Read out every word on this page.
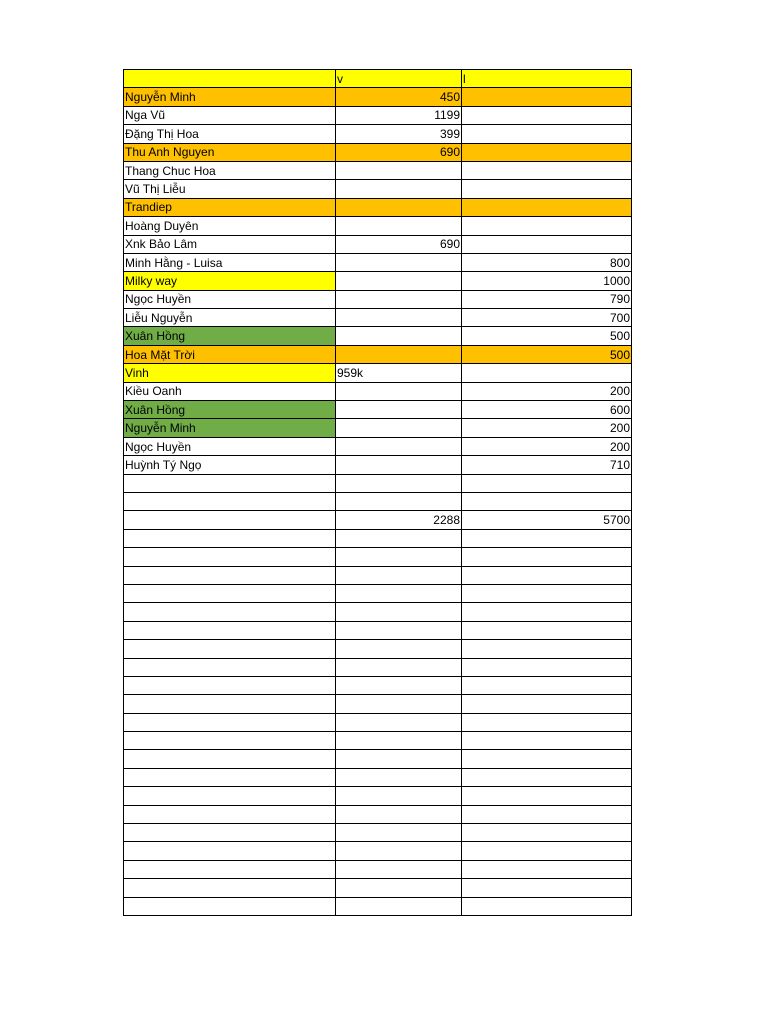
	v	l
Nguyễn Minh	450	
Nga Vũ	1199	
Đặng Thị Hoa	399	
Thu Anh Nguyen	690	
Thang Chuc Hoa		
Vũ Thị Liễu		
Trandiep		
Hoàng Duyên		
Xnk Bảo Lâm	690	
Minh Hằng - Luisa		800
Milky way		1000
Ngọc Huyền		790
Liễu Nguyễn		700
Xuân Hồng		500
Hoa Mặt Trời		500
Vinh	959k	
Kiều Oanh		200
Xuân Hồng		600
Nguyễn Minh		200
Ngọc Huyền		200
Huỳnh Tý Ngọ		710

	2288	5700
